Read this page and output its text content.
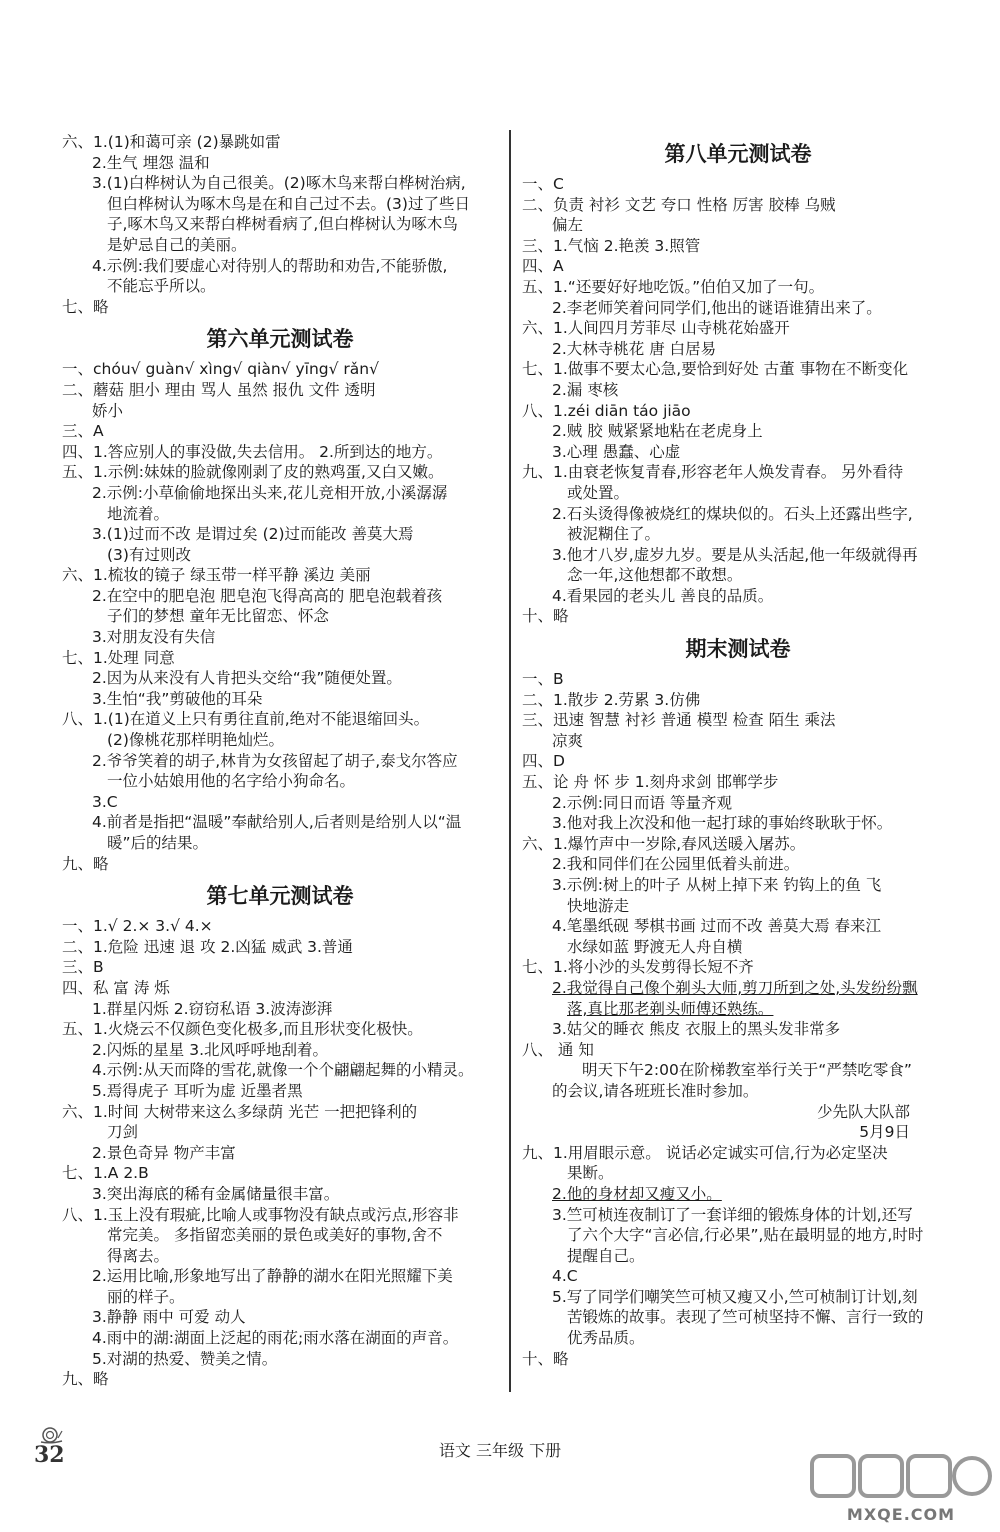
六、1.(1)和蔼可亲 (2)暴跳如雷
2.生气 埋怨 温和
3.(1)白桦树认为自己很美。(2)啄木鸟来帮白桦树治病,
但白桦树认为啄木鸟是在和自己过不去。(3)过了些日
子,啄木鸟又来帮白桦树看病了,但白桦树认为啄木鸟
是妒忌自己的美丽。
4.示例:我们要虚心对待别人的帮助和劝告,不能骄傲,
不能忘乎所以。
七、略
第六单元测试卷
一、chóu√ guàn√ xìng√ qiàn√ yīng√ rǎn√
二、蘑菇 胆小 理由 骂人 虽然 报仇 文件 透明
娇小
三、A
四、1.答应别人的事没做,失去信用。 2.所到达的地方。
五、1.示例:妹妹的脸就像刚剥了皮的熟鸡蛋,又白又嫩。
2.示例:小草偷偷地探出头来,花儿竞相开放,小溪潺潺
地流着。
3.(1)过而不改 是谓过矣 (2)过而能改 善莫大焉
(3)有过则改
六、1.梳妆的镜子 绿玉带一样平静 溪边 美丽
2.在空中的肥皂泡 肥皂泡飞得高高的 肥皂泡载着孩
子们的梦想 童年无比留恋、怀念
3.对朋友没有失信
七、1.处理 同意
2.因为从来没有人肯把头交给“我”随便处置。
3.生怕“我”剪破他的耳朵
八、1.(1)在道义上只有勇往直前,绝对不能退缩回头。
(2)像桃花那样明艳灿烂。
2.爷爷笑着的胡子,林肯为女孩留起了胡子,泰戈尔答应
一位小姑娘用他的名字给小狗命名。
3.C
4.前者是指把“温暖”奉献给别人,后者则是给别人以“温
暖”后的结果。
九、略
第七单元测试卷
一、1.√ 2.× 3.√ 4.×
二、1.危险 迅速 退 攻 2.凶猛 威武 3.普通
三、B
四、私 富 涛 烁
1.群星闪烁 2.窃窃私语 3.波涛澎湃
五、1.火烧云不仅颜色变化极多,而且形状变化极快。
2.闪烁的星星 3.北风呼呼地刮着。
4.示例:从天而降的雪花,就像一个个翩翩起舞的小精灵。
5.焉得虎子 耳听为虚 近墨者黑
六、1.时间 大树带来这么多绿荫 光芒 一把把锋利的
刀剑
2.景色奇异 物产丰富
七、1.A 2.B
3.突出海底的稀有金属储量很丰富。
八、1.玉上没有瑕疵,比喻人或事物没有缺点或污点,形容非
常完美。 多指留恋美丽的景色或美好的事物,舍不
得离去。
2.运用比喻,形象地写出了静静的湖水在阳光照耀下美
丽的样子。
3.静静 雨中 可爱 动人
4.雨中的湖:湖面上泛起的雨花;雨水落在湖面的声音。
5.对湖的热爱、赞美之情。
九、略
第八单元测试卷
一、C
二、负责 衬衫 文艺 夸口 性格 厉害 胶棒 乌贼
偏左
三、1.气恼 2.艳羡 3.照管
四、A
五、1.“还要好好地吃饭。”伯伯又加了一句。
2.李老师笑着问同学们,他出的谜语谁猜出来了。
六、1.人间四月芳菲尽 山寺桃花始盛开
2.大林寺桃花 唐 白居易
七、1.做事不要太心急,要恰到好处 古董 事物在不断变化
2.漏 枣核
八、1.zéi diān táo jiāo
2.贼 胶 贼紧紧地粘在老虎身上
3.心理 愚蠢、心虚
九、1.由衰老恢复青春,形容老年人焕发青春。 另外看待
或处置。
2.石头烫得像被烧红的煤块似的。石头上还露出些字,
被泥糊住了。
3.他才八岁,虚岁九岁。要是从头活起,他一年级就得再
念一年,这他想都不敢想。
4.看果园的老头儿 善良的品质。
十、略
期末测试卷
一、B
二、1.散步 2.劳累 3.仿佛
三、迅速 智慧 衬衫 普通 模型 检查 陌生 乘法
凉爽
四、D
五、论 舟 怀 步 1.刻舟求剑 邯郸学步
2.示例:同日而语 等量齐观
3.他对我上次没和他一起打球的事始终耿耿于怀。
六、1.爆竹声中一岁除,春风送暖入屠苏。
2.我和同伴们在公园里低着头前进。
3.示例:树上的叶子 从树上掉下来 钓钩上的鱼 飞
快地游走
4.笔墨纸砚 琴棋书画 过而不改 善莫大焉 春来江
水绿如蓝 野渡无人舟自横
七、1.将小沙的头发剪得长短不齐
2.我觉得自己像个剃头大师,剪刀所到之处,头发纷纷飘
落,真比那老剃头师傅还熟练。
3.姑父的睡衣 熊皮 衣服上的黑头发非常多
八、 通 知
明天下午2:00在阶梯教室举行关于“严禁吃零食”
的会议,请各班班长准时参加。
少先队大队部
5月9日
九、1.用眉眼示意。 说话必定诚实可信,行为必定坚决
果断。
2.他的身材却又瘦又小。
3.竺可桢连夜制订了一套详细的锻炼身体的计划,还写
了六个大字“言必信,行必果”,贴在最明显的地方,时时
提醒自己。
4.C
5.写了同学们嘲笑竺可桢又瘦又小,竺可桢制订计划,刻
苦锻炼的故事。表现了竺可桢坚持不懈、言行一致的
优秀品质。
十、略
32	语文 三年级 下册
MXQE.COM
